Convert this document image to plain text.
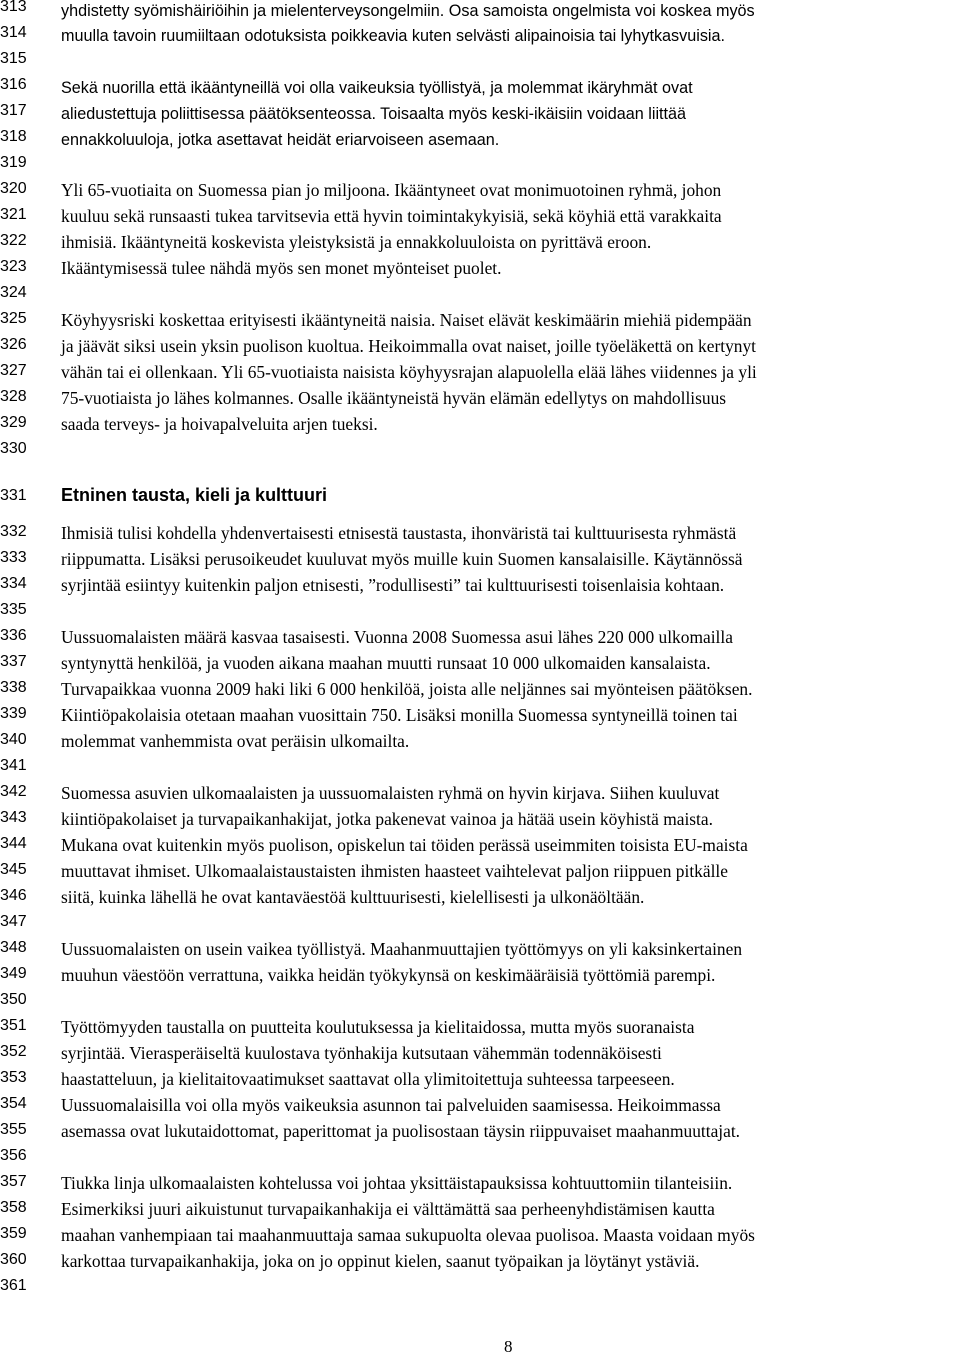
313
314
315
316
317
318
319
320
321
322
323
324
325
326
327
328
329
330
331
332
333
334
335
336
337
338
339
340
341
342
343
344
345
346
347
348
349
350
351
352
353
354
355
356
357
358
359
360
361
yhdistetty syömishäiriöihin ja mielenterveysongelmiin. Osa samoista ongelmista voi koskea myös
muulla tavoin ruumiiltaan odotuksista poikkeavia kuten selvästi alipainoisia tai lyhytkasvuisia.
Sekä nuorilla että ikääntyneillä voi olla vaikeuksia työllistyä, ja molemmat ikäryhmät ovat
aliedustettuja poliittisessa päätöksenteossa. Toisaalta myös keski-ikäisiin voidaan liittää
ennakkoluuloja, jotka asettavat heidät eriarvoiseen asemaan.
Yli 65-vuotiaita on Suomessa pian jo miljoona. Ikääntyneet ovat monimuotoinen ryhmä, johon
kuuluu sekä runsaasti tukea tarvitsevia että hyvin toimintakykyisiä, sekä köyhiä että varakkaita
ihmisiä. Ikääntyneitä koskevista yleistyksistä ja ennakkoluuloista on pyrittävä eroon.
Ikääntymisessä tulee nähdä myös sen monet myönteiset puolet.
Köyhyysriski koskettaa erityisesti ikääntyneitä naisia. Naiset elävät keskimäärin miehiä pidempään
ja jäävät siksi usein yksin puolison kuoltua. Heikoimmalla ovat naiset, joille työeläkettä on kertynyt
vähän tai ei ollenkaan. Yli 65-vuotiaista naisista köyhyysrajan alapuolella elää lähes viidennes ja yli
75-vuotiaista jo lähes kolmannes. Osalle ikääntyneistä hyvän elämän edellytys on mahdollisuus
saada terveys- ja hoivapalveluita arjen tueksi.
Etninen tausta, kieli ja kulttuuri
Ihmisiä tulisi kohdella yhdenvertaisesti etnisestä taustasta, ihonväristä tai kulttuurisesta ryhmästä
riippumatta. Lisäksi perusoikeudet kuuluvat myös muille kuin Suomen kansalaisille. Käytännössä
syrjintää esiintyy kuitenkin paljon etnisesti, ”rodullisesti” tai kulttuurisesti toisenlaisia kohtaan.
Uussuomalaisten määrä kasvaa tasaisesti. Vuonna 2008 Suomessa asui lähes 220 000 ulkomailla
syntynyttä henkilöä, ja vuoden aikana maahan muutti runsaat 10 000 ulkomaiden kansalaista.
Turvapaikkaa vuonna 2009 haki liki 6 000 henkilöä, joista alle neljännes sai myönteisen päätöksen.
Kiintiöpakolaisia otetaan maahan vuosittain 750. Lisäksi monilla Suomessa syntyneillä toinen tai
molemmat vanhemmista ovat peräisin ulkomailta.
Suomessa asuvien ulkomaalaisten ja uussuomalaisten ryhmä on hyvin kirjava. Siihen kuuluvat
kiintiöpakolaiset ja turvapaikanhakijat, jotka pakenevat vainoa ja hätää usein köyhistä maista.
Mukana ovat kuitenkin myös puolison, opiskelun tai töiden perässä useimmiten toisista EU-maista
muuttavat ihmiset. Ulkomaalaistaustaisten ihmisten haasteet vaihtelevat paljon riippuen pitkälle
siitä, kuinka lähellä he ovat kantaväestöä kulttuurisesti, kielellisesti ja ulkonäöltään.
Uussuomalaisten on usein vaikea työllistyä. Maahanmuuttajien työttömyys on yli kaksinkertainen
muuhun väestöön verrattuna, vaikka heidän työkykynsä on keskimääräisiä työttömiä parempi.
Työttömyyden taustalla on puutteita koulutuksessa ja kielitaidossa, mutta myös suoranaista
syrjintää. Vierasperäiseltä kuulostava työnhakija kutsutaan vähemmän todennäköisesti
haastatteluun, ja kielitaitovaatimukset saattavat olla ylimitoitettuja suhteessa tarpeeseen.
Uussuomalaisilla voi olla myös vaikeuksia asunnon tai palveluiden saamisessa. Heikoimmassa
asemassa ovat lukutaidottomat, paperittomat ja puolisostaan täysin riippuvaiset maahanmuuttajat.
Tiukka linja ulkomaalaisten kohtelussa voi johtaa yksittäistapauksissa kohtuuttomiin tilanteisiin.
Esimerkiksi juuri aikuistunut turvapaikanhakija ei välttämättä saa perheenyhdistämisen kautta
maahan vanhempiaan tai maahanmuuttaja samaa sukupuolta olevaa puolisoa. Maasta voidaan myös
karkottaa turvapaikanhakija, joka on jo oppinut kielen, saanut työpaikan ja löytänyt ystäviä.
8
